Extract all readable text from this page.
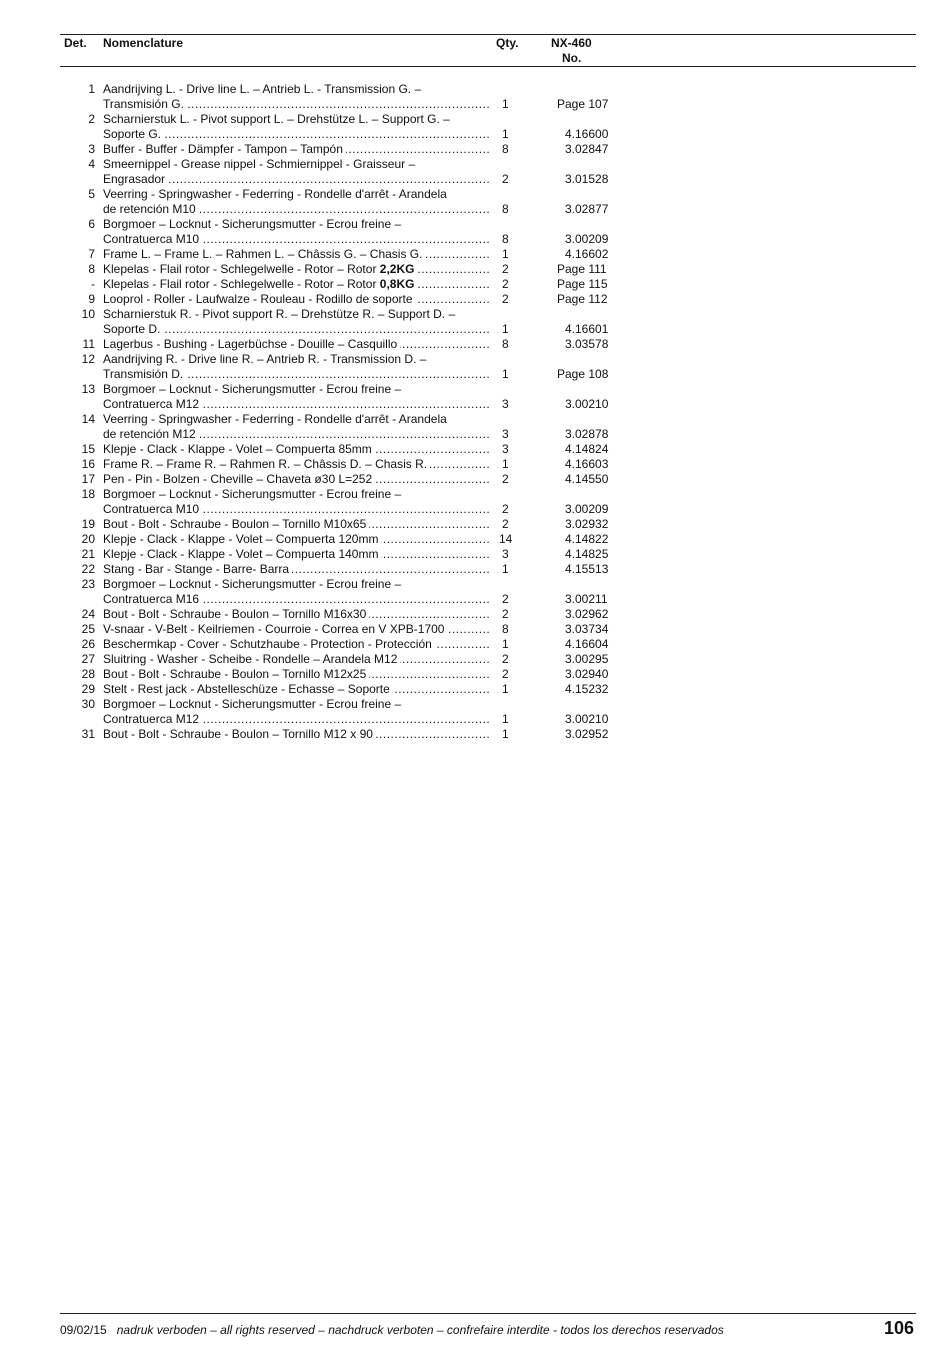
Det. Nomenclature	Qty.	NX-460
No.
1 Aandrijving L. - Drive line L. – Antrieb L. - Transmission G. –
Transmisión G. .....	1	Page 107
2 Scharnierstuk L. - Pivot support L. – Drehstütze L. – Support G. –
Soporte G. .....	1	4.16600
3 Buffer - Buffer - Dämpfer - Tampon – Tampón .....	8	3.02847
4 Smeernippel - Grease nippel - Schmiernippel - Graisseur –
Engrasador .....	2	3.01528
5 Veerring - Springwasher - Federring - Rondelle d'arrêt - Arandela
de retención M10 .....	8	3.02877
6 Borgmoer – Locknut - Sicherungsmutter - Ecrou freine –
Contratuerca M10 .....	8	3.00209
7 Frame L. – Frame L. – Rahmen L. – Châssis G. – Chasis G. .....	1	4.16602
8 Klepelas - Flail rotor - Schlegelwelle - Rotor – Rotor 2,2KG .....	2	Page 111
- Klepelas - Flail rotor - Schlegelwelle - Rotor – Rotor 0,8KG .....	2	Page 115
9 Looprol - Roller - Laufwalze - Rouleau - Rodillo de soporte .....	2	Page 112
10 Scharnierstuk R. - Pivot support R. – Drehstütze R. – Support D. –
Soporte D. .....	1	4.16601
11 Lagerbus - Bushing - Lagerbüchse - Douille – Casquillo .....	8	3.03578
12 Aandrijving R. - Drive line R. – Antrieb R. - Transmission D. –
Transmisión D. .....	1	Page 108
13 Borgmoer – Locknut - Sicherungsmutter - Ecrou freine –
Contratuerca M12 .....	3	3.00210
14 Veerring - Springwasher - Federring - Rondelle d'arrêt - Arandela
de retención M12 .....	3	3.02878
15 Klepje - Clack - Klappe - Volet – Compuerta 85mm .....	3	4.14824
16 Frame R. – Frame R. – Rahmen R. – Châssis D. – Chasis R. .....	1	4.16603
17 Pen - Pin - Bolzen - Cheville – Chaveta ø30 L=252 .....	2	4.14550
18 Borgmoer – Locknut - Sicherungsmutter - Ecrou freine –
Contratuerca M10 .....	2	3.00209
19 Bout - Bolt - Schraube - Boulon – Tornillo M10x65 .....	2	3.02932
20 Klepje - Clack - Klappe - Volet – Compuerta 120mm .....	14	4.14822
21 Klepje - Clack - Klappe - Volet – Compuerta 140mm .....	3	4.14825
22 Stang - Bar - Stange - Barre- Barra .....	1	4.15513
23 Borgmoer – Locknut - Sicherungsmutter - Ecrou freine –
Contratuerca M16 .....	2	3.00211
24 Bout - Bolt - Schraube - Boulon – Tornillo M16x30 .....	2	3.02962
25 V-snaar - V-Belt - Keilriemen - Courroie - Correa en V XPB-1700 .....	8	3.03734
26 Beschermkap - Cover - Schutzhaube - Protection - Protección .....	1	4.16604
27 Sluitring - Washer - Scheibe - Rondelle – Arandela M12 .....	2	3.00295
28 Bout - Bolt - Schraube - Boulon – Tornillo M12x25 .....	2	3.02940
29 Stelt - Rest jack - Abstelleschüze - Echasse – Soporte .....	1	4.15232
30 Borgmoer – Locknut - Sicherungsmutter - Ecrou freine –
Contratuerca M12 .....	1	3.00210
31 Bout - Bolt - Schraube - Boulon – Tornillo M12 x 90 .....	1	3.02952
09/02/15 nadruk verboden – all rights reserved – nachdruck verboten – confrefaire interdite - todos los derechos reservados	106
